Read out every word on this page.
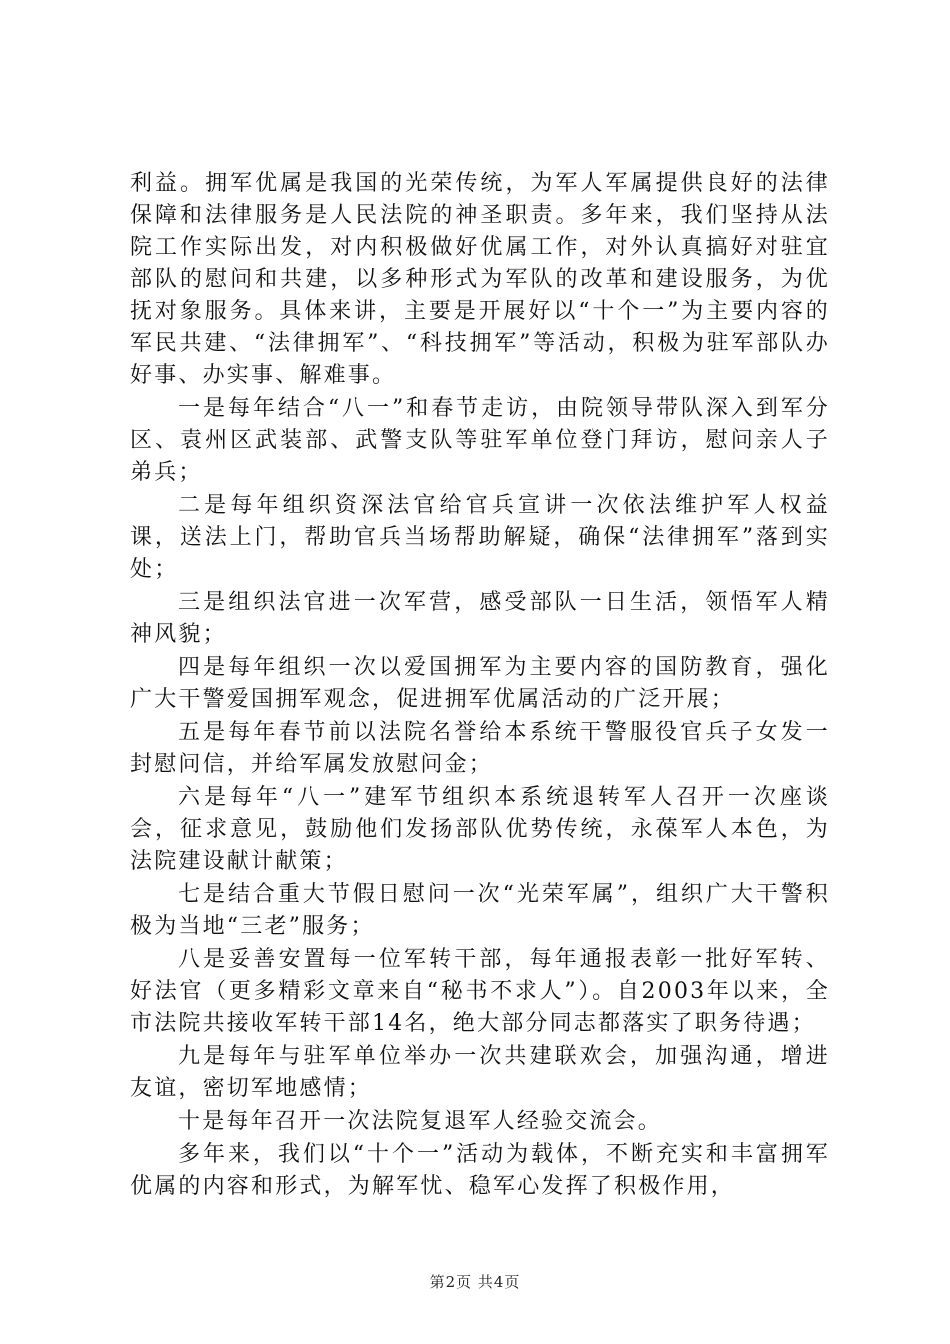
利益。拥军优属是我国的光荣传统，为军人军属提供良好的法律保障和法律服务是人民法院的神圣职责。多年来，我们坚持从法院工作实际出发，对内积极做好优属工作，对外认真搞好对驻宜部队的慰问和共建，以多种形式为军队的改革和建设服务，为优抚对象服务。具体来讲，主要是开展好以“十个一”为主要内容的军民共建、“法律拥军”、“科技拥军”等活动，积极为驻军部队办好事、办实事、解难事。

一是每年结合“八一”和春节走访，由院领导带队深入到军分区、袁州区武装部、武警支队等驻军单位登门拜访，慰问亲人子弟兵；

二是每年组织资深法官给官兵宣讲一次依法维护军人权益课，送法上门，帮助官兵当场帮助解疑，确保“法律拥军”落到实处；

三是组织法官进一次军营，感受部队一日生活，领悟军人精神风貌；

四是每年组织一次以爱国拥军为主要内容的国防教育，强化广大干警爱国拥军观念，促进拥军优属活动的广泛开展；

五是每年春节前以法院名誉给本系统干警服役官兵子女发一封慰问信，并给军属发放慰问金；

六是每年“八一”建军节组织本系统退转军人召开一次座谈会，征求意见，鼓励他们发扬部队优势传统，永葆军人本色，为法院建设献计献策；

七是结合重大节假日慰问一次“光荣军属”，组织广大干警积极为当地“三老”服务；

八是妥善安置每一位军转干部，每年通报表彰一批好军转、好法官（更多精彩文章来自“秘书不求人”）。自2003年以来，全市法院共接收军转干部14名，绝大部分同志都落实了职务待遇；

九是每年与驻军单位举办一次共建联欢会，加强沟通，增进友谊，密切军地感情；

十是每年召开一次法院复退军人经验交流会。

多年来，我们以“十个一”活动为载体，不断充实和丰富拥军优属的内容和形式，为解军忧、稳军心发挥了积极作用，

第2页 共4页
